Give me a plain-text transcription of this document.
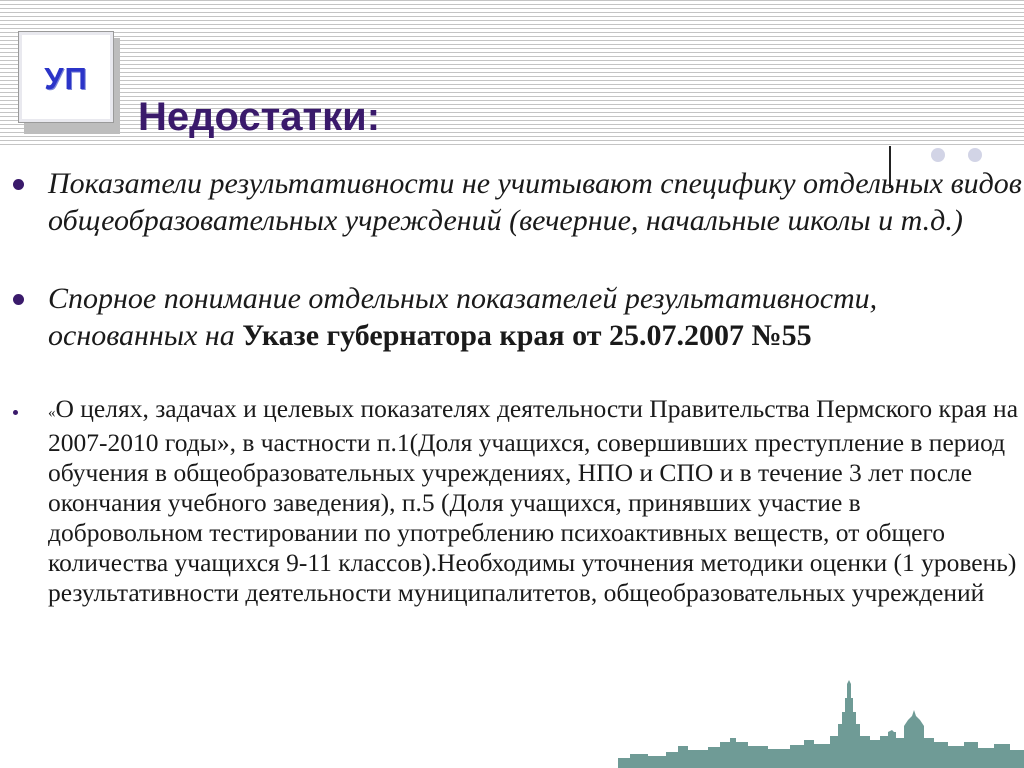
УП
Недостатки:

Показатели результативности не учитывают специфику отдельных видов общеобразовательных учреждений (вечерние, начальные школы и т.д.)

Спорное понимание отдельных показателей результативности, основанных на Указе губернатора края от 25.07.2007 №55

«О целях, задачах и целевых показателях деятельности Правительства Пермского края на 2007-2010 годы», в частности п.1(Доля учащихся, совершивших преступление в период обучения в общеобразовательных учреждениях, НПО и СПО и в течение 3 лет после окончания учебного заведения), п.5 (Доля учащихся, принявших участие в добровольном тестировании по употреблению психоактивных веществ, от общего количества учащихся 9-11 классов).Необходимы уточнения методики оценки (1 уровень) результативности деятельности муниципалитетов, общеобразовательных учреждений
